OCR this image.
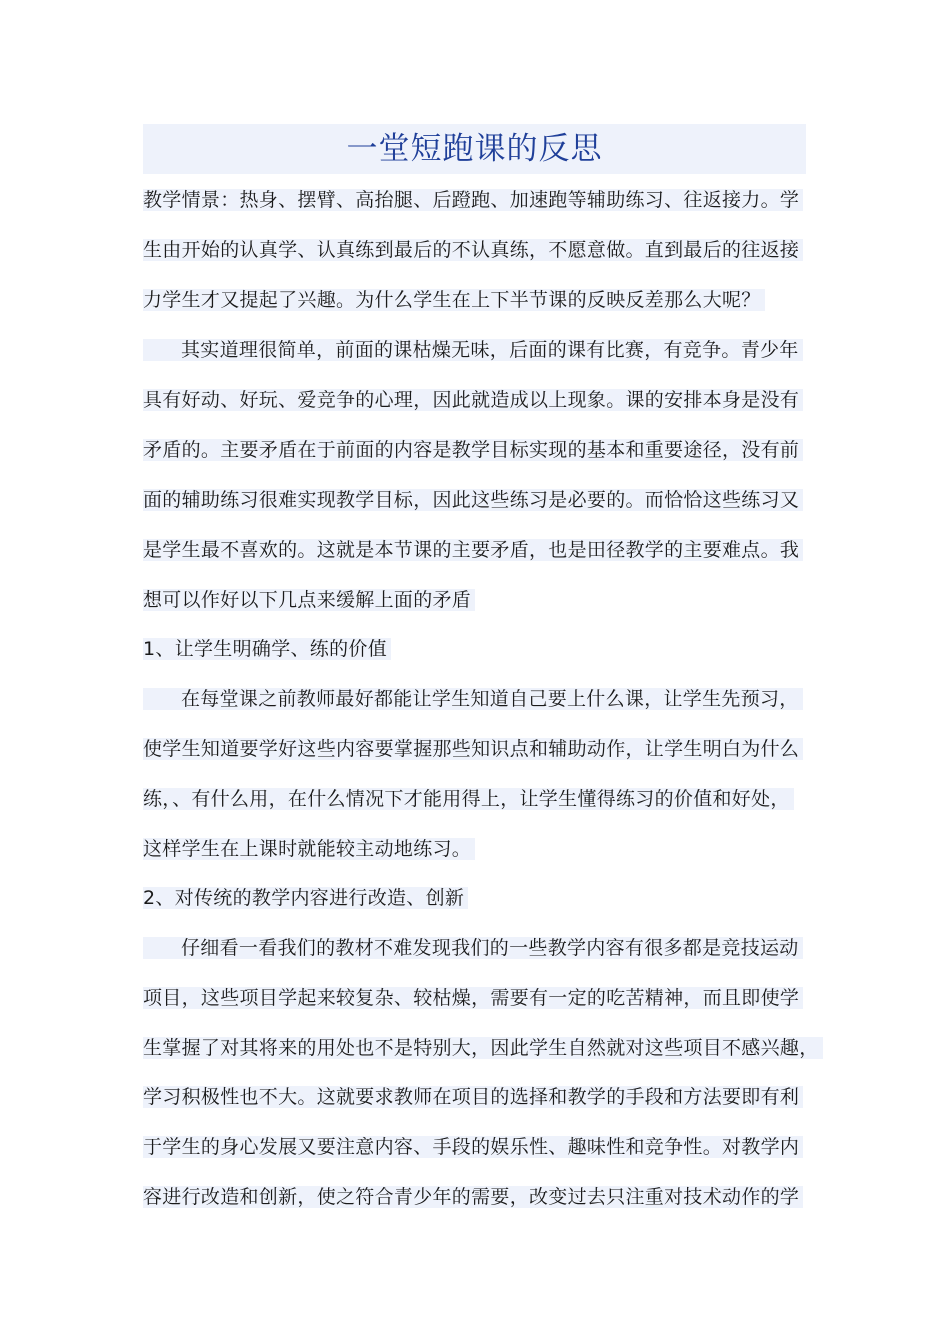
一堂短跑课的反思
教学情景：热身、摆臂、高抬腿、后蹬跑、加速跑等辅助练习、往返接力。学
生由开始的认真学、认真练到最后的不认真练，不愿意做。直到最后的往返接
力学生才又提起了兴趣。为什么学生在上下半节课的反映反差那么大呢？
其实道理很简单，前面的课枯燥无味，后面的课有比赛，有竞争。青少年
具有好动、好玩、爱竞争的心理，因此就造成以上现象。课的安排本身是没有
矛盾的。主要矛盾在于前面的内容是教学目标实现的基本和重要途径，没有前
面的辅助练习很难实现教学目标，因此这些练习是必要的。而恰恰这些练习又
是学生最不喜欢的。这就是本节课的主要矛盾，也是田径教学的主要难点。我
想可以作好以下几点来缓解上面的矛盾
1、让学生明确学、练的价值
在每堂课之前教师最好都能让学生知道自己要上什么课，让学生先预习，
使学生知道要学好这些内容要掌握那些知识点和辅助动作，让学生明白为什么
练，、有什么用，在什么情况下才能用得上，让学生懂得练习的价值和好处，
这样学生在上课时就能较主动地练习。
2、对传统的教学内容进行改造、创新
仔细看一看我们的教材不难发现我们的一些教学内容有很多都是竞技运动
项目，这些项目学起来较复杂、较枯燥，需要有一定的吃苦精神，而且即使学
生掌握了对其将来的用处也不是特别大，因此学生自然就对这些项目不感兴趣，
学习积极性也不大。这就要求教师在项目的选择和教学的手段和方法要即有利
于学生的身心发展又要注意内容、手段的娱乐性、趣味性和竞争性。对教学内
容进行改造和创新，使之符合青少年的需要，改变过去只注重对技术动作的学
